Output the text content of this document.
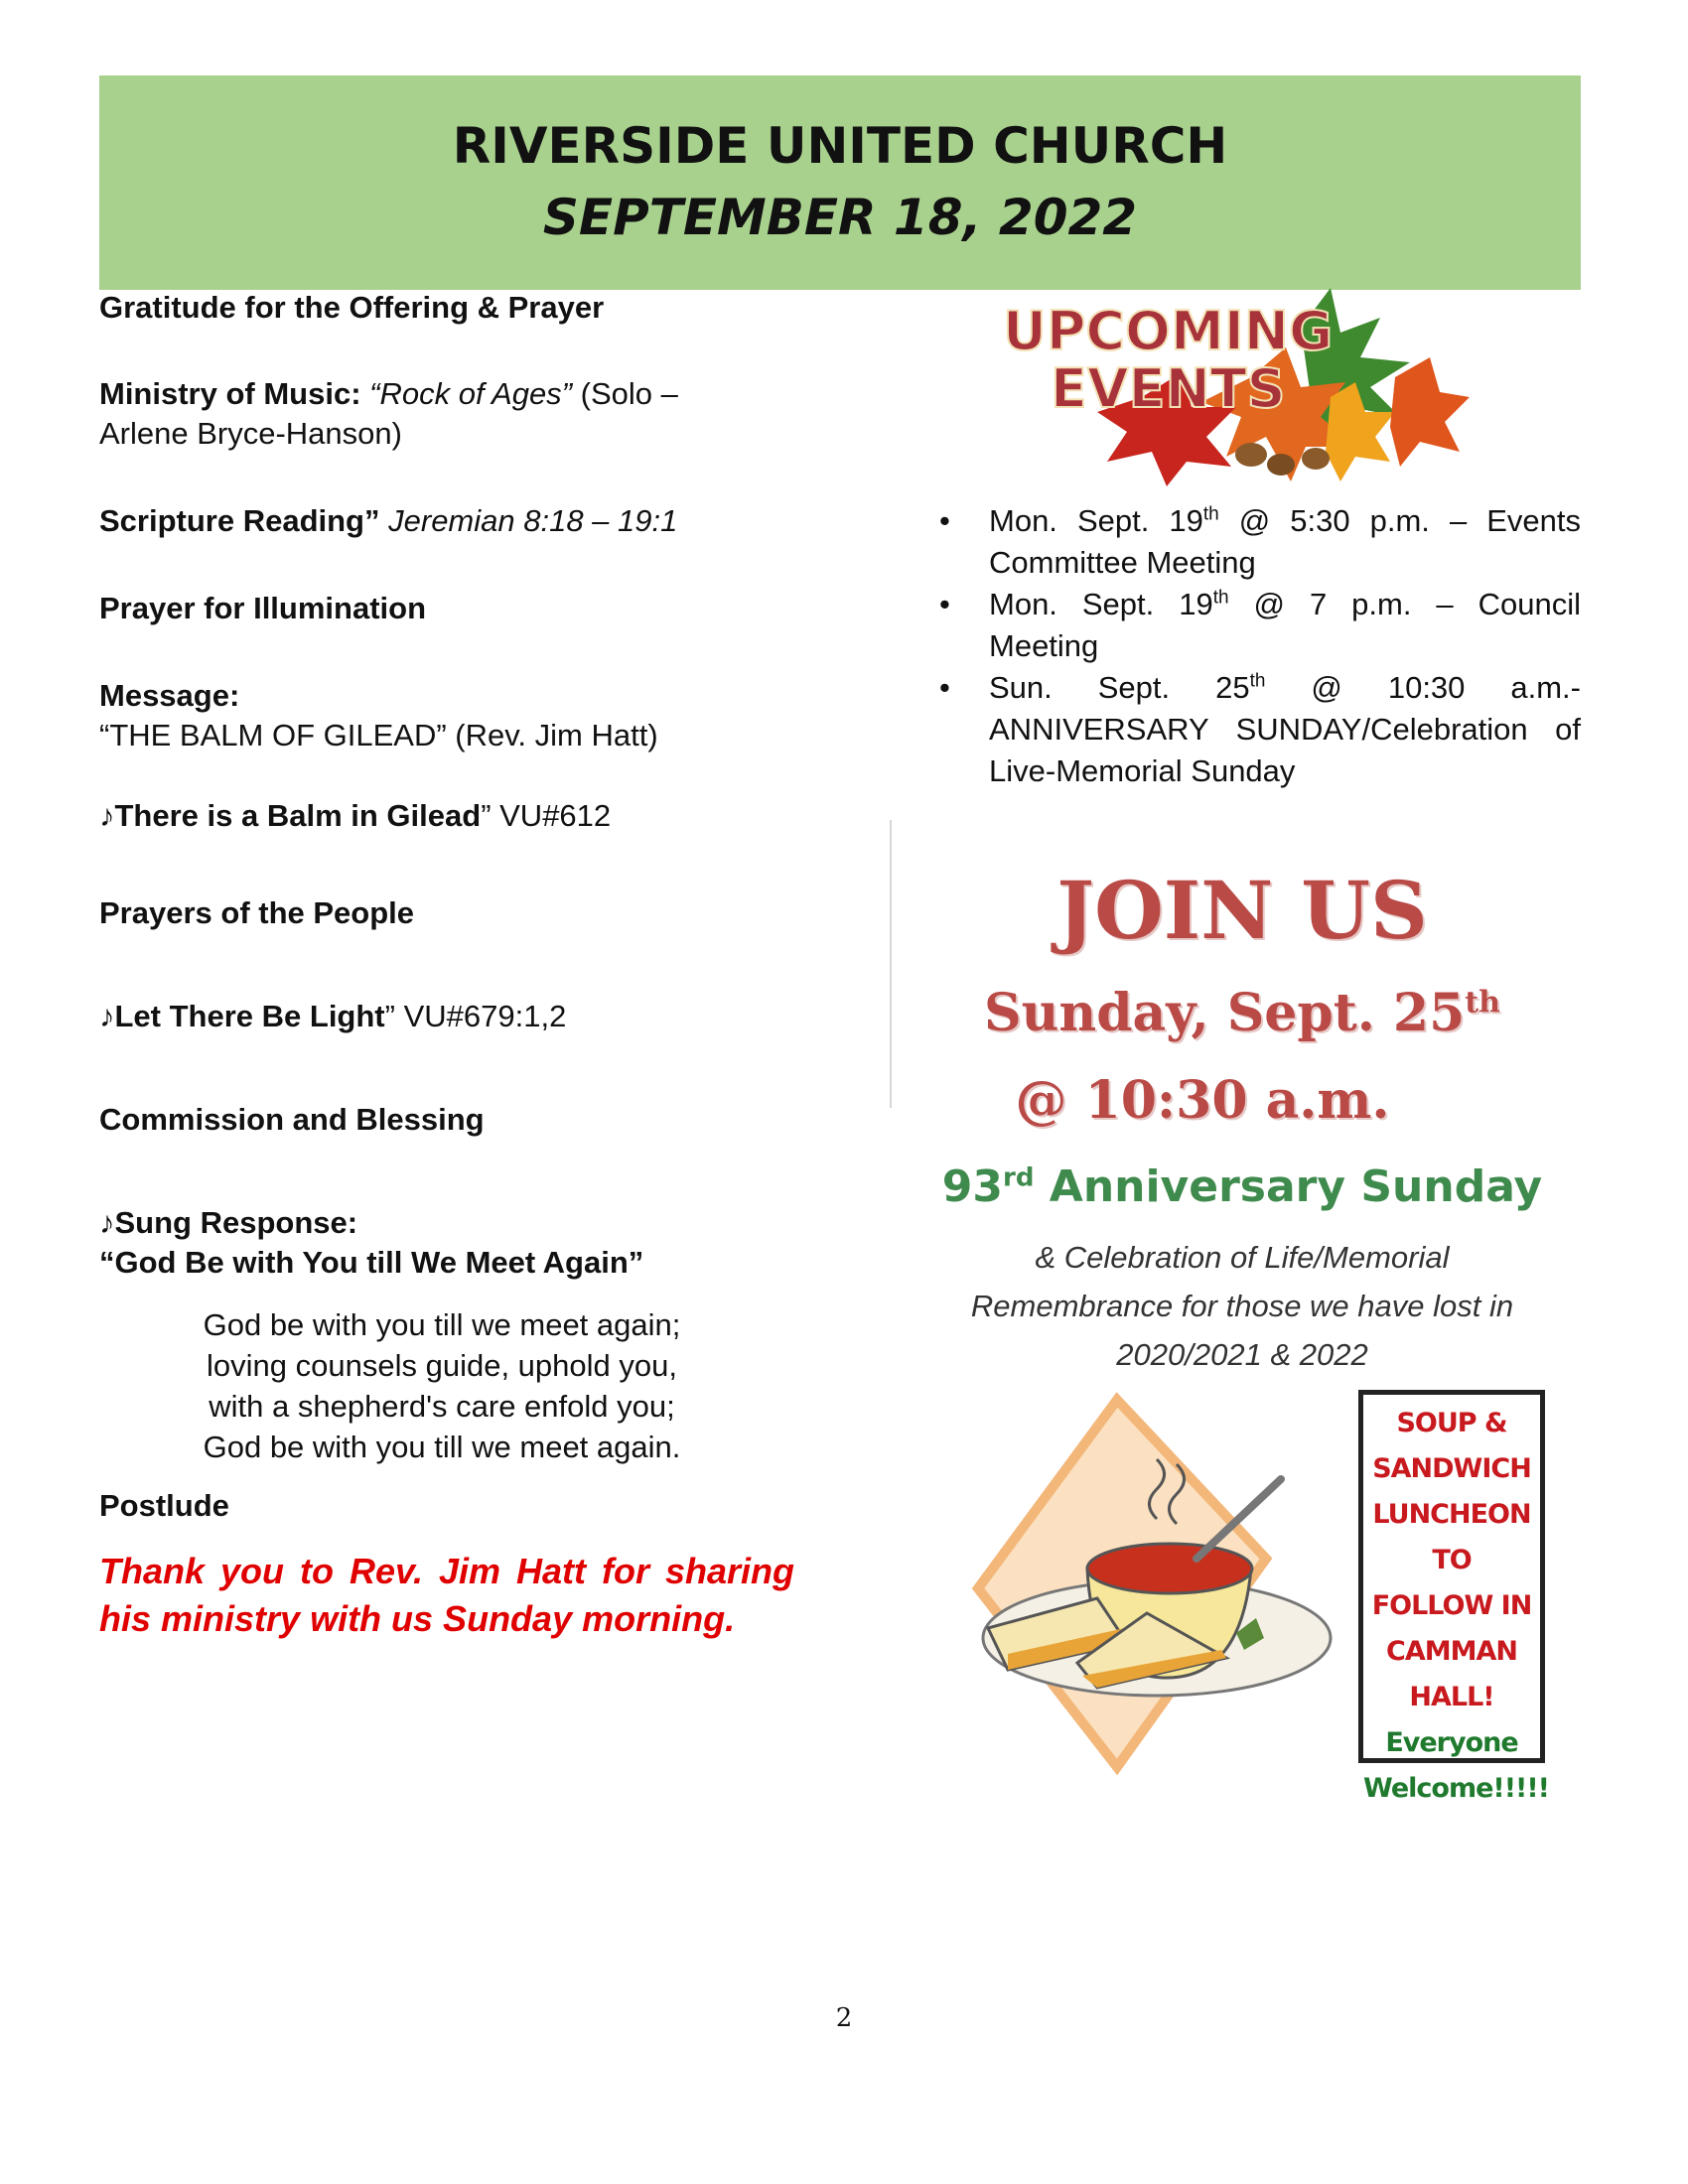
RIVERSIDE UNITED CHURCH
SEPTEMBER 18, 2022
Gratitude for the Offering & Prayer
Ministry of Music: “Rock of Ages” (Solo –
Arlene Bryce-Hanson)
Scripture Reading” Jeremian 8:18 – 19:1
Prayer for Illumination
Message:
“THE BALM OF GILEAD” (Rev. Jim Hatt)
♪There is a Balm in Gilead” VU#612
Prayers of the People
♪Let There Be Light” VU#679:1,2
Commission and Blessing
♪Sung Response:
“God Be with You till We Meet Again”
God be with you till we meet again;
loving counsels guide, uphold you,
with a shepherd's care enfold you;
God be with you till we meet again.
Postlude
Thank you to Rev. Jim Hatt for sharing his ministry with us Sunday morning.
UPCOMING
EVENTS
• Mon. Sept. 19th @ 5:30 p.m. – Events Committee Meeting
• Mon. Sept. 19th @ 7 p.m. – Council Meeting
• Sun. Sept. 25th @ 10:30 a.m.- ANNIVERSARY SUNDAY/Celebration of Live-Memorial Sunday
JOIN US
Sunday, Sept. 25th
@ 10:30 a.m.
93rd Anniversary Sunday
& Celebration of Life/Memorial
Remembrance for those we have lost in
2020/2021 & 2022
SOUP &
SANDWICH
LUNCHEON TO
FOLLOW IN
CAMMAN
HALL!
Everyone
Welcome!!!!!
2
